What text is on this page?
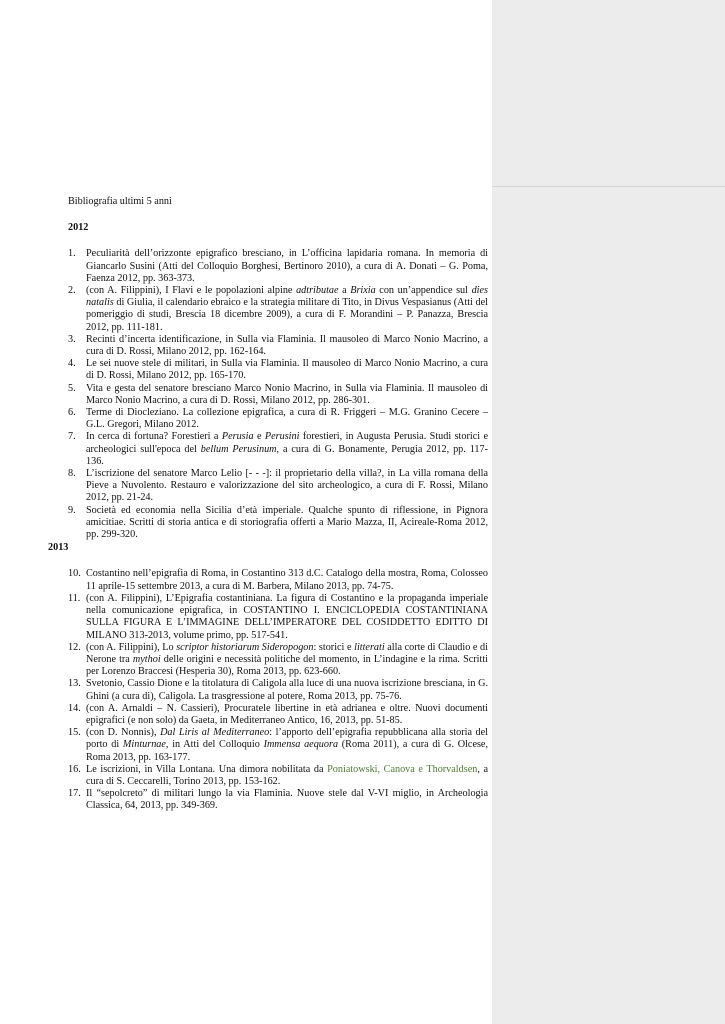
Bibliografia ultimi 5 anni
2012
1.	Peculiarità dell’orizzonte epigrafico bresciano, in L’officina lapidaria romana. In memoria di Giancarlo Susini (Atti del Colloquio Borghesi, Bertinoro 2010), a cura di A. Donati – G. Poma, Faenza 2012, pp. 363-373.
2.	(con A. Filippini), I Flavi e le popolazioni alpine adtributae a Brixia con un’appendice sul dies natalis di Giulia, il calendario ebraico e la strategia militare di Tito, in Divus Vespasianus (Atti del pomeriggio di studi, Brescia 18 dicembre 2009), a cura di F. Morandini – P. Panazza, Brescia 2012, pp. 111-181.
3.	Recinti d’incerta identificazione, in Sulla via Flaminia. Il mausoleo di Marco Nonio Macrino, a cura di D. Rossi, Milano 2012, pp. 162-164.
4.	Le sei nuove stele di militari, in Sulla via Flaminia. Il mausoleo di Marco Nonio Macrino, a cura di D. Rossi, Milano 2012, pp. 165-170.
5.	Vita e gesta del senatore bresciano Marco Nonio Macrino, in Sulla via Flaminia. Il mausoleo di Marco Nonio Macrino, a cura di D. Rossi, Milano 2012, pp. 286-301.
6.	Terme di Diocleziano. La collezione epigrafica, a cura di R. Friggeri – M.G. Granino Cecere – G.L. Gregori, Milano 2012.
7.	In cerca di fortuna? Forestieri a Perusia e Perusini forestieri, in Augusta Perusia. Studi storici e archeologici sull'epoca del bellum Perusinum, a cura di G. Bonamente, Perugia 2012, pp. 117-136.
8.	L’iscrizione del senatore Marco Lelio [- - -]: il proprietario della villa?, in La villa romana della Pieve a Nuvolento. Restauro e valorizzazione del sito archeologico, a cura di F. Rossi, Milano 2012, pp. 21-24.
9.	Società ed economia nella Sicilia d’età imperiale. Qualche spunto di riflessione, in Pignora amicitiae. Scritti di storia antica e di storiografia offerti a Mario Mazza, II, Acireale-Roma 2012, pp. 299-320.
2013
10. Costantino nell’epigrafia di Roma, in Costantino 313 d.C. Catalogo della mostra, Roma, Colosseo 11 aprile-15 settembre 2013, a cura di M. Barbera, Milano 2013, pp. 74-75.
11. (con A. Filippini), L’Epigrafia costantiniana. La figura di Costantino e la propaganda imperiale nella comunicazione epigrafica, in COSTANTINO I. ENCICLOPEDIA COSTANTINIANA SULLA FIGURA E L’IMMAGINE DELL’IMPERATORE DEL COSIDDETTO EDITTO DI MILANO 313-2013, volume primo, pp. 517-541.
12. (con A. Filippini), Lo scriptor historiarum Sideropogon: storici e litterati alla corte di Claudio e di Nerone tra mythoi delle origini e necessità politiche del momento, in L’indagine e la rima. Scritti per Lorenzo Braccesi (Hesperia 30), Roma 2013, pp. 623-660.
13. Svetonio, Cassio Dione e la titolatura di Caligola alla luce di una nuova iscrizione bresciana, in G. Ghini (a cura di), Caligola. La trasgressione al potere, Roma 2013, pp. 75-76.
14. (con A. Arnaldi – N. Cassieri), Procuratele libertine in età adrianea e oltre. Nuovi documenti epigrafici (e non solo) da Gaeta, in Mediterraneo Antico, 16, 2013, pp. 51-85.
15. (con D. Nonnis), Dal Liris al Mediterraneo: l’apporto dell’epigrafia repubblicana alla storia del porto di Minturnae, in Atti del Colloquio Immensa aequora (Roma 2011), a cura di G. Olcese, Roma 2013, pp. 163-177.
16. Le iscrizioni, in Villa Lontana. Una dimora nobilitata da Poniatowski, Canova e Thorvaldsen, a cura di S. Ceccarelli, Torino 2013, pp. 153-162.
17. Il “sepolcreto” di militari lungo la via Flaminia. Nuove stele dal V-VI miglio, in Archeologia Classica, 64, 2013, pp. 349-369.
